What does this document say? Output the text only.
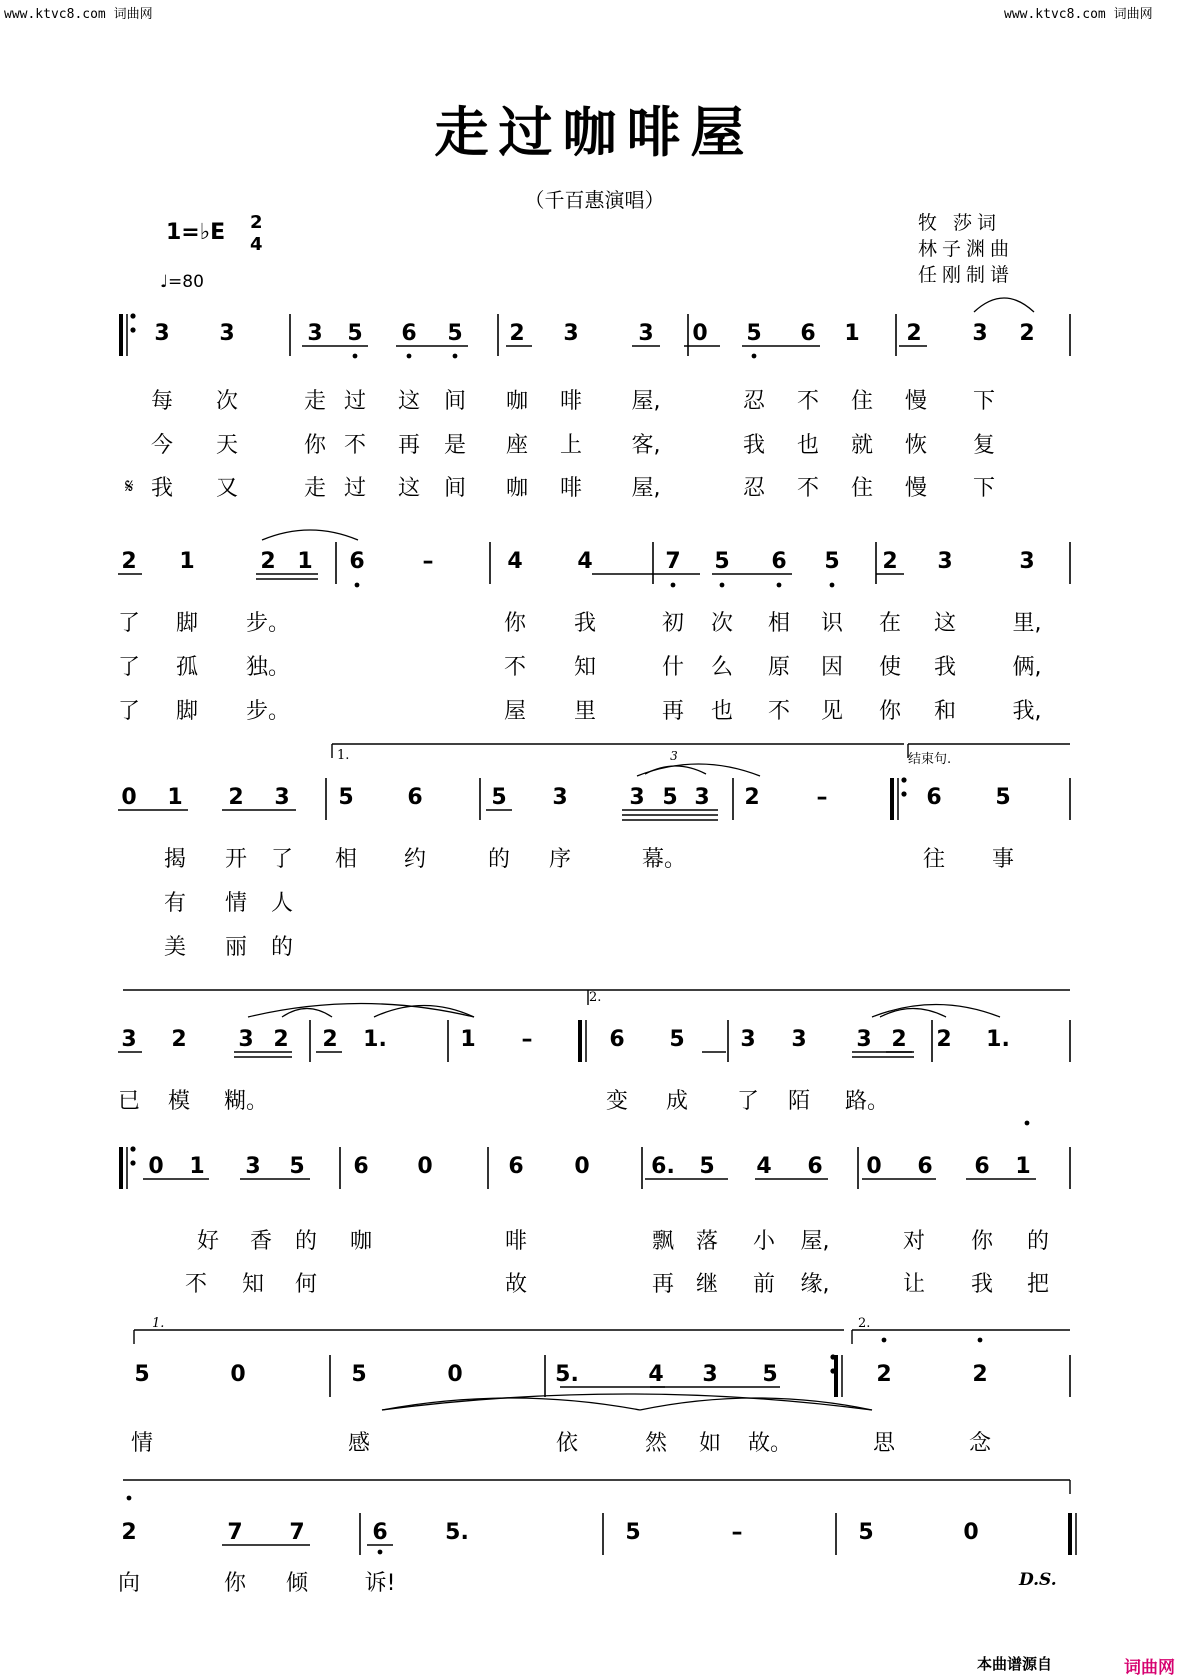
www.ktvc8.com 词曲网	www.ktvc8.com 词曲网
走过咖啡屋
（千百惠演唱）
1=♭E 2
4
♩=80
牧 莎词
林子渊曲
任刚制谱
3 3	3 5 6 5 2 3	3 0 5 6 1 2 3 2
每 次	走 过 这 间 咖 啡 屋,	忍 不 住 慢 下
今 天	你 不 再 是 座 上 客,	我 也 就 恢 复
我 又	走 过 这 间 咖 啡 屋,	忍 不 住 慢 下
2 1	2 1 6	–	4 4	7 5 6 5 2 3	3
了 脚 步。	你 我	初 次 相 识 在 这	里,
了 孤 独。	不 知	什 么 原 因 使 我	俩,
了 脚 步。	屋 里	再 也 不 见 你 和	我,
0 1 2 3 5 6	5 3	3 5 3 2	–	6 5
揭 开 了 相 约	的 序	幕。	往 事
有 情 人
美 丽 的
3 2 3 2 2 1.	1 –	6 5	3 3 3 2 2 1.
已 模 糊。	变 成 了 陌 路。
0 1 3 5 6 0	6 0	6. 5 4 6 0 6 6 1
好 香 的 咖	啡	飘 落 小 屋,	对 你 的
不 知 何	故	再 继 前 缘,	让 我 把
5	0	5	0	5.	4 3 5	2	2
情	感	依	然 如 故。	思	念
2	7 7	6	5.	5	–	5	0
向	你 倾	诉!
3
1.	结束句.
2.
1.	2.
𝄋
D.S.
本曲谱源自	词曲网
